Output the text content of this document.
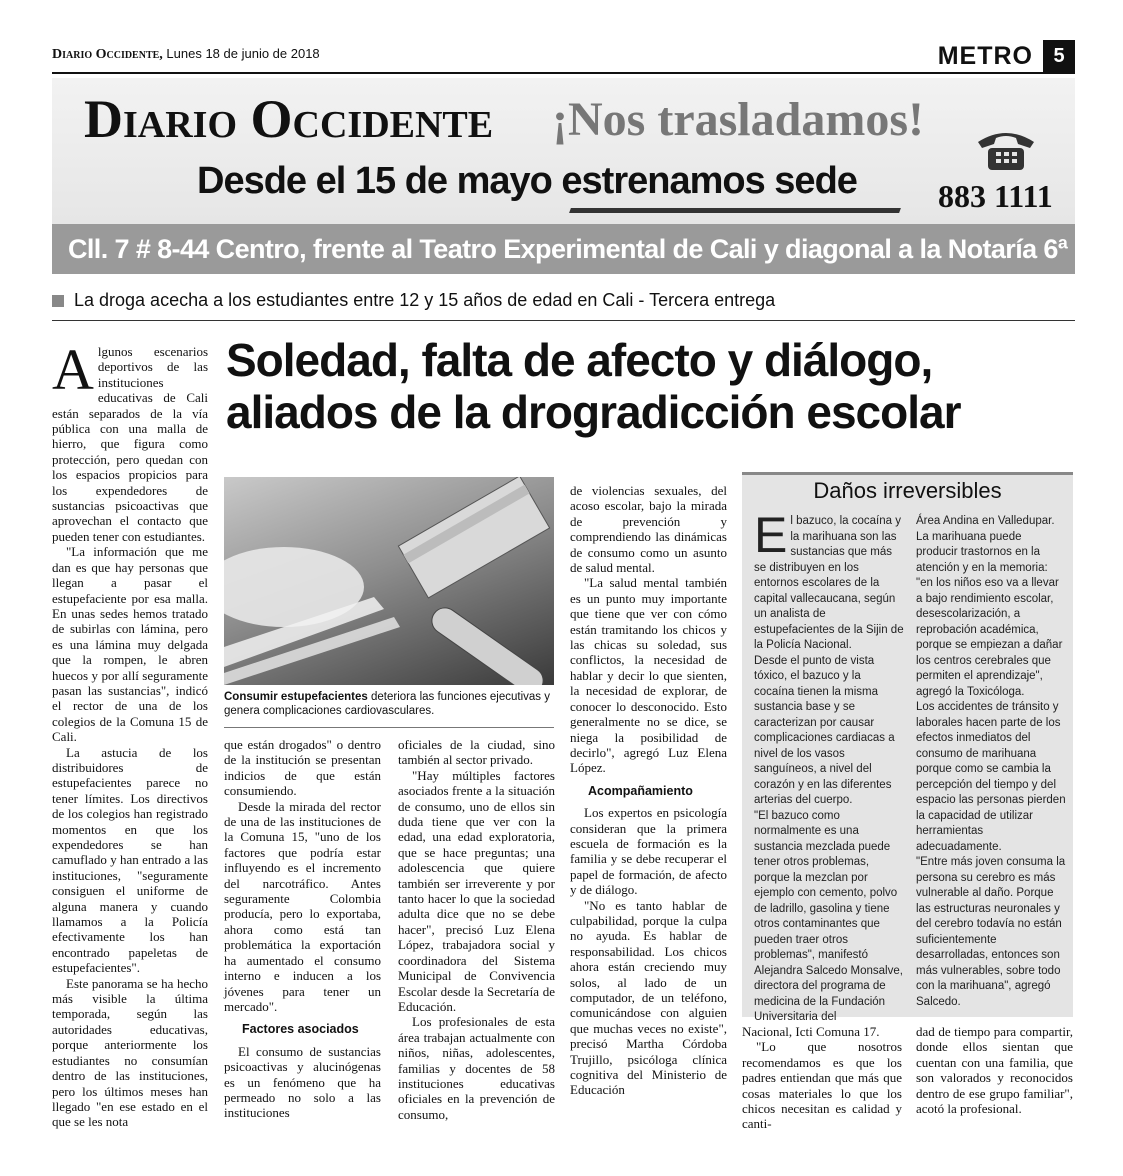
Diario Occidente, Lunes 18 de junio de 2018	METRO	5
Diario Occidente ¡Nos trasladamos!
Desde el 15 de mayo estrenamos sede	883 1111
Cll. 7 # 8-44 Centro, frente al Teatro Experimental de Cali y diagonal a la Notaría 6ª
La droga acecha a los estudiantes entre 12 y 15 años de edad en Cali - Tercera entrega
Soledad, falta de afecto y diálogo,
aliados de la drogradicción escolar

Algunos escenarios deportivos de las instituciones educativas de Cali están separados de la vía pública con una malla de hierro, que figura como protección, pero quedan con los espacios propicios para los expendedores de sustancias psicoactivas que aprovechan el contacto que pueden tener con estudiantes.

"La información que me dan es que hay personas que llegan a pasar el estupefaciente por esa malla. En unas sedes hemos tratado de subirlas con lámina, pero es una lámina muy delgada que la rompen, le abren huecos y por allí seguramente pasan las sustancias", indicó el rector de una de los colegios de la Comuna 15 de Cali.

La astucia de los distribuidores de estupefacientes parece no tener límites. Los directivos de los colegios han registrado momentos en que los expendedores se han camuflado y han entrado a las instituciones, "seguramente consiguen el uniforme de alguna manera y cuando llamamos a la Policía efectivamente los han encontrado papeletas de estupefacientes".

Este panorama se ha hecho más visible la última temporada, según las autoridades educativas, porque anteriormente los estudiantes no consumían dentro de las instituciones, pero los últimos meses han llegado "en ese estado en el que se les nota

Consumir estupefacientes deteriora las funciones ejecutivas y genera complicaciones cardiovasculares.

que están drogados" o dentro de la institución se presentan indicios de que están consumiendo.

Desde la mirada del rector de una de las instituciones de la Comuna 15, "uno de los factores que podría estar influyendo es el incremento del narcotráfico. Antes seguramente Colombia producía, pero lo exportaba, ahora como está tan problemática la exportación ha aumentado el consumo interno e inducen a los jóvenes para tener un mercado".

Factores asociados

El consumo de sustancias psicoactivas y alucinógenas es un fenómeno que ha permeado no solo a las instituciones

oficiales de la ciudad, sino también al sector privado.

"Hay múltiples factores asociados frente a la situación de consumo, uno de ellos sin duda tiene que ver con la edad, una edad exploratoria, que se hace preguntas; una adolescencia que quiere también ser irreverente y por tanto hacer lo que la sociedad adulta dice que no se debe hacer", precisó Luz Elena López, trabajadora social y coordinadora del Sistema Municipal de Convivencia Escolar desde la Secretaría de Educación.

Los profesionales de esta área trabajan actualmente con niños, niñas, adolescentes, familias y docentes de 58 instituciones educativas oficiales en la prevención de consumo,

de violencias sexuales, del acoso escolar, bajo la mirada de prevención y comprendiendo las dinámicas de consumo como un asunto de salud mental.

"La salud mental también es un punto muy importante que tiene que ver con cómo están tramitando los chicos y las chicas su soledad, sus conflictos, la necesidad de hablar y decir lo que sienten, la necesidad de explorar, de conocer lo desconocido. Esto generalmente no se dice, se niega la posibilidad de decirlo", agregó Luz Elena López.

Acompañamiento

Los expertos en psicología consideran que la primera escuela de formación es la familia y se debe recuperar el papel de formación, de afecto y de diálogo.

"No es tanto hablar de culpabilidad, porque la culpa no ayuda. Es hablar de responsabilidad. Los chicos ahora están creciendo muy solos, al lado de un computador, de un teléfono, comunicándose con alguien que muchas veces no existe", precisó Martha Córdoba Trujillo, psicóloga clínica cognitiva del Ministerio de Educación

Daños irreversibles

El bazuco, la cocaína y la marihuana son las sustancias que más se distribuyen en los entornos escolares de la capital vallecaucana, según un analista de estupefacientes de la Sijin de la Policía Nacional.

Desde el punto de vista tóxico, el bazuco y la cocaína tienen la misma sustancia base y se caracterizan por causar complicaciones cardiacas a nivel de los vasos sanguíneos, a nivel del corazón y en las diferentes arterias del cuerpo.

"El bazuco como normalmente es una sustancia mezclada puede tener otros problemas, porque la mezclan por ejemplo con cemento, polvo de ladrillo, gasolina y tiene otros contaminantes que pueden traer otros problemas", manifestó Alejandra Salcedo Monsalve, directora del programa de medicina de la Fundación Universitaria del

Área Andina en Valledupar.

La marihuana puede producir trastornos en la atención y en la memoria: "en los niños eso va a llevar a bajo rendimiento escolar, desescolarización, a reprobación académica, porque se empiezan a dañar los centros cerebrales que permiten el aprendizaje", agregó la Toxicóloga.

Los accidentes de tránsito y laborales hacen parte de los efectos inmediatos del consumo de marihuana porque como se cambia la percepción del tiempo y del espacio las personas pierden la capacidad de utilizar herramientas adecuadamente.

"Entre más joven consuma la persona su cerebro es más vulnerable al daño. Porque las estructuras neuronales y del cerebro todavía no están suficientemente desarrolladas, entonces son más vulnerables, sobre todo con la marihuana", agregó Salcedo.

Nacional, Icti Comuna 17.

"Lo que nosotros recomendamos es que los padres entiendan que más que cosas materiales lo que los chicos necesitan es calidad y canti-

dad de tiempo para compartir, donde ellos sientan que cuentan con una familia, que son valorados y reconocidos dentro de ese grupo familiar", acotó la profesional.
